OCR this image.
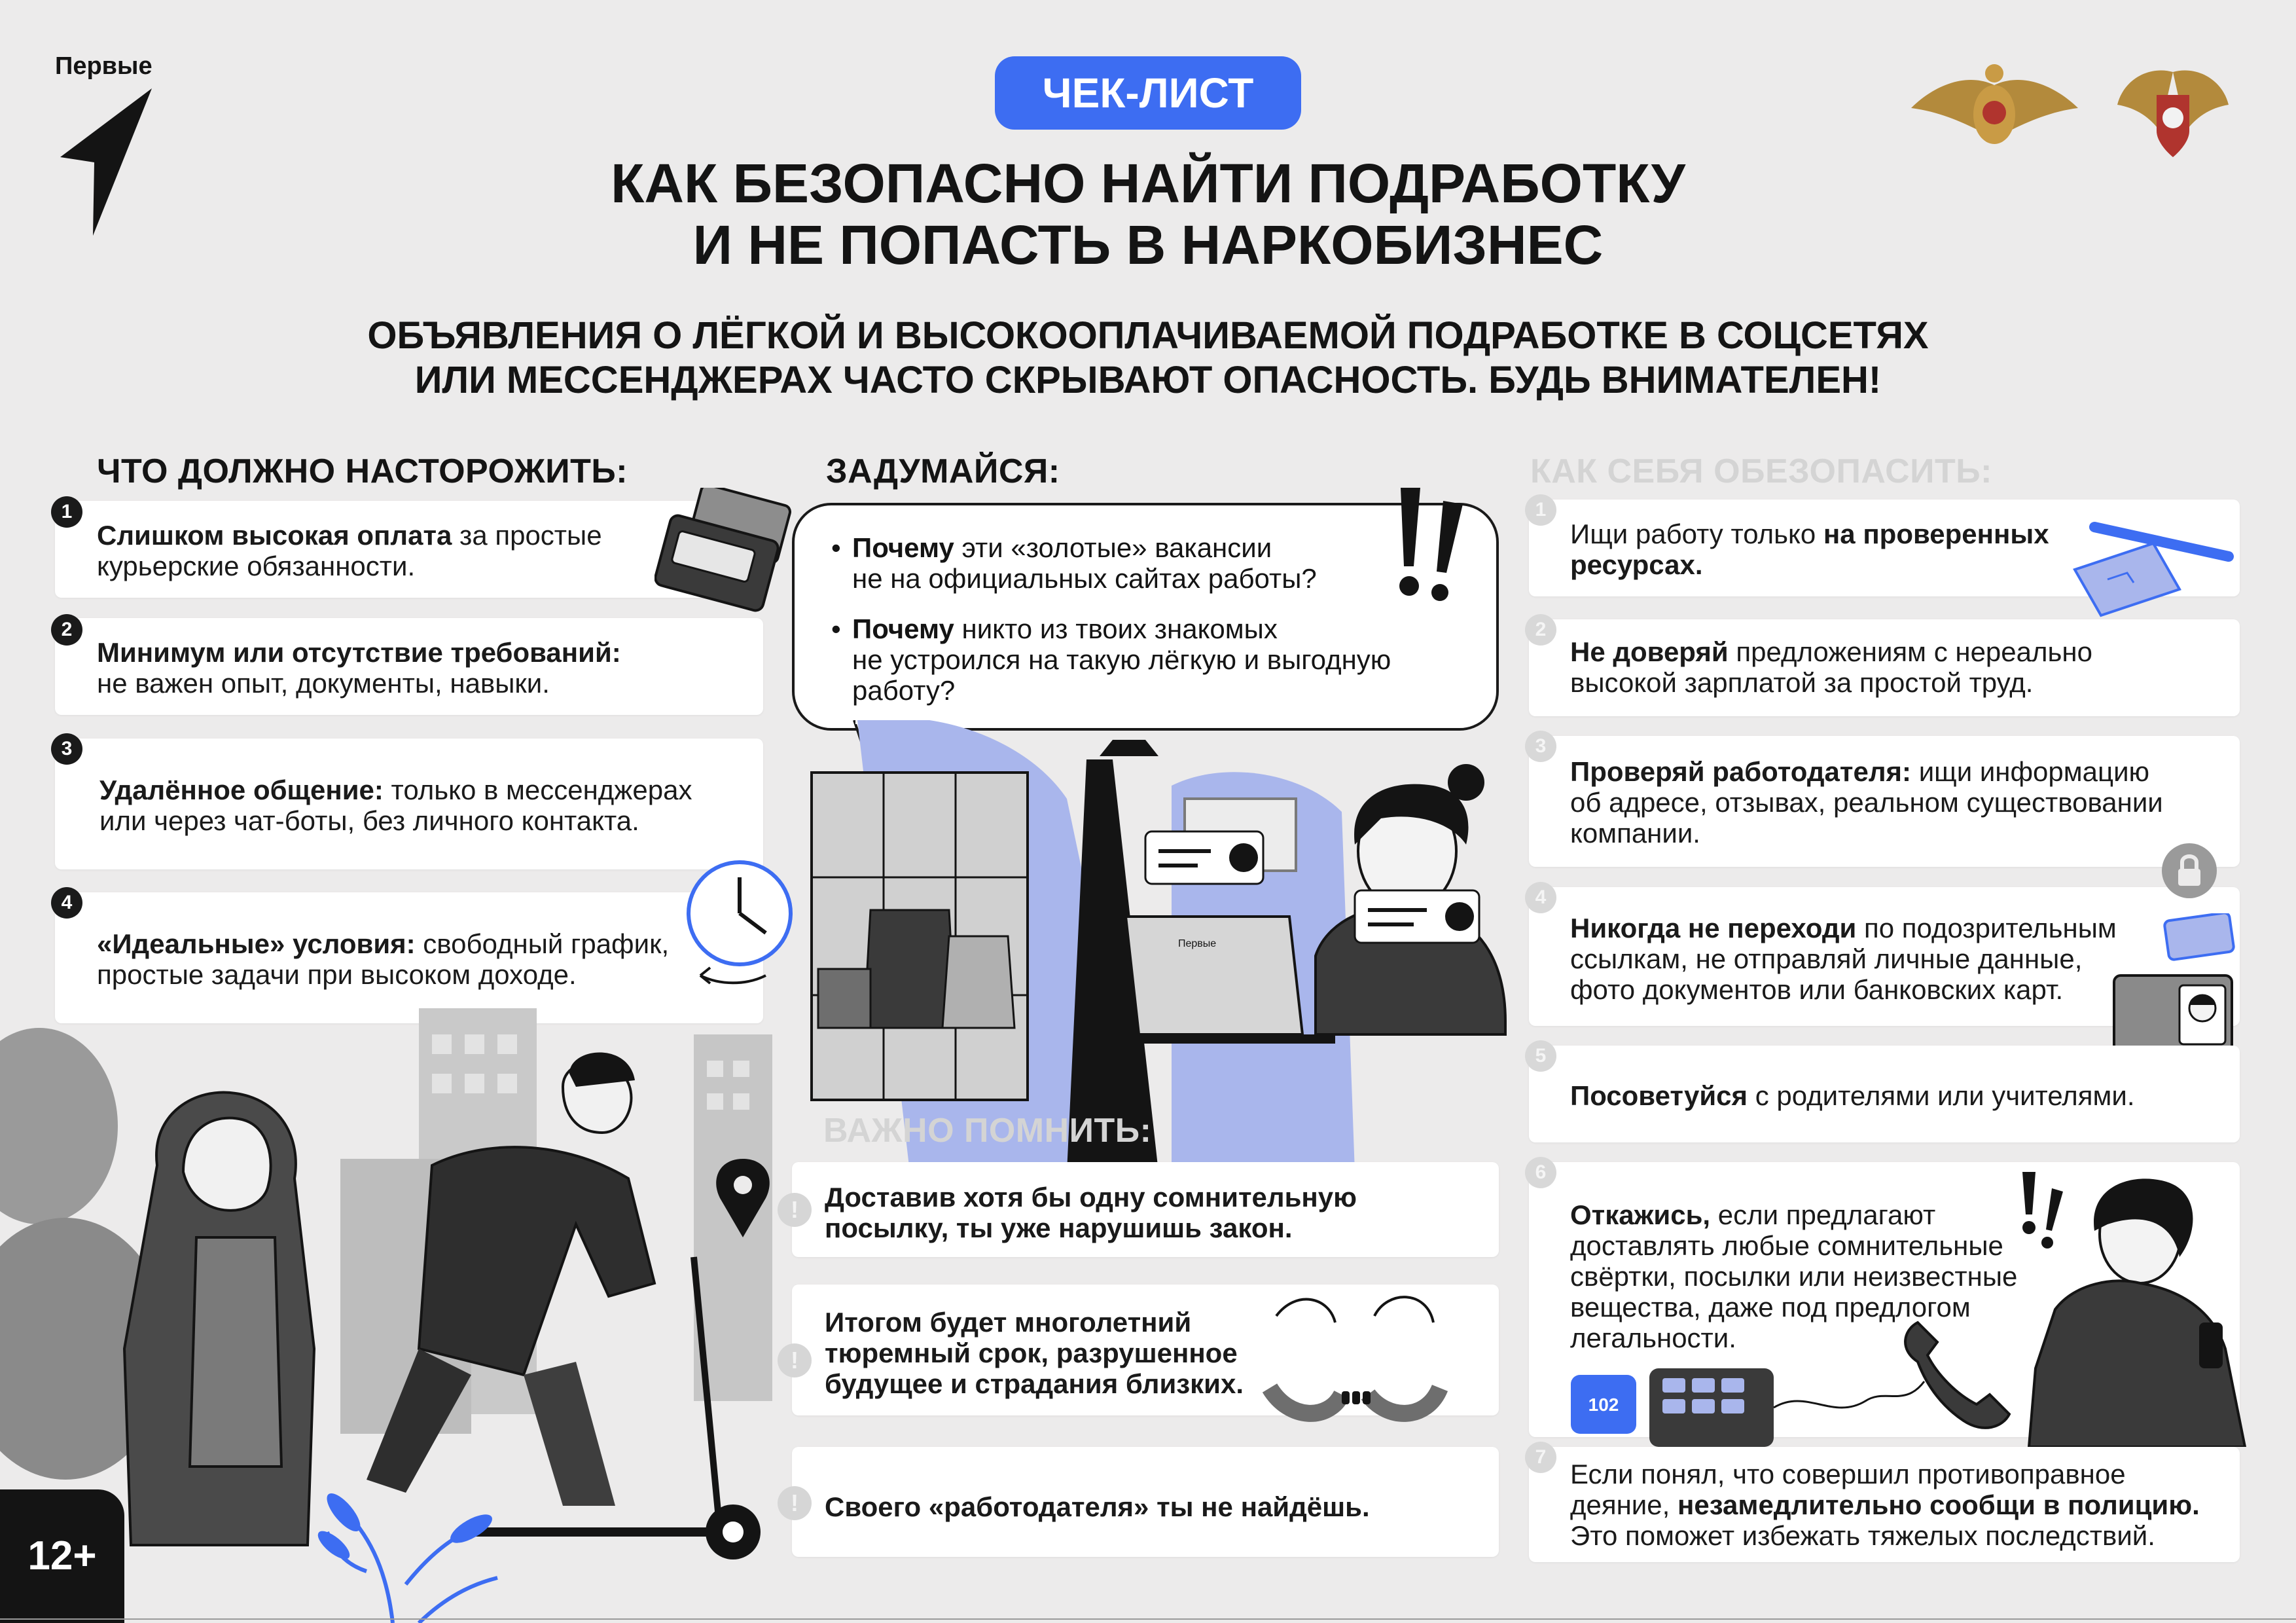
Первые
ЧЕК-ЛИСТ
КАК БЕЗОПАСНО НАЙТИ ПОДРАБОТКУ
И НЕ ПОПАСТЬ В НАРКОБИЗНЕС
ОБЪЯВЛЕНИЯ О ЛЁГКОЙ И ВЫСОКООПЛАЧИВАЕМОЙ ПОДРАБОТКЕ В СОЦСЕТЯХ
ИЛИ МЕССЕНДЖЕРАХ ЧАСТО СКРЫВАЮТ ОПАСНОСТЬ. БУДЬ ВНИМАТЕЛЕН!
ЧТО ДОЛЖНО НАСТОРОЖИТЬ:
1
Слишком высокая оплата за простые
курьерские обязанности.
2
Минимум или отсутствие требований:
не важен опыт, документы, навыки.
3
Удалённое общение: только в мессенджерах
или через чат-боты, без личного контакта.
4
«Идеальные» условия: свободный график,
простые задачи при высоком доходе.
12+
ЗАДУМАЙСЯ:
• Почему эти «золотые» вакансии
не на официальных сайтах работы?
• Почему никто из твоих знакомых
не устроился на такую лёгкую и выгодную
работу?
Первые
ВАЖНО ПОМНИТЬ:
! Доставив хотя бы одну сомнительную
посылку, ты уже нарушишь закон.
!
Итогом будет многолетний
тюремный срок, разрушенное
будущее и страдания близких.
! Своего «работодателя» ты не найдёшь.
КАК СЕБЯ ОБЕЗОПАСИТЬ:
1
Ищи работу только на проверенных
ресурсах.
2
Не доверяй предложениям с нереально
высокой зарплатой за простой труд.
3
Проверяй работодателя: ищи информацию
об адресе, отзывах, реальном существовании
компании.
4
Никогда не переходи по подозрительным
ссылкам, не отправляй личные данные,
фото документов или банковских карт.
5
Посоветуйся с родителями или учителями.
6
Откажись, если предлагают
доставлять любые сомнительные
свёртки, посылки или неизвестные
вещества, даже под предлогом
легальности.
102
7
Если понял, что совершил противоправное
деяние, незамедлительно сообщи в полицию.
Это поможет избежать тяжелых последствий.
